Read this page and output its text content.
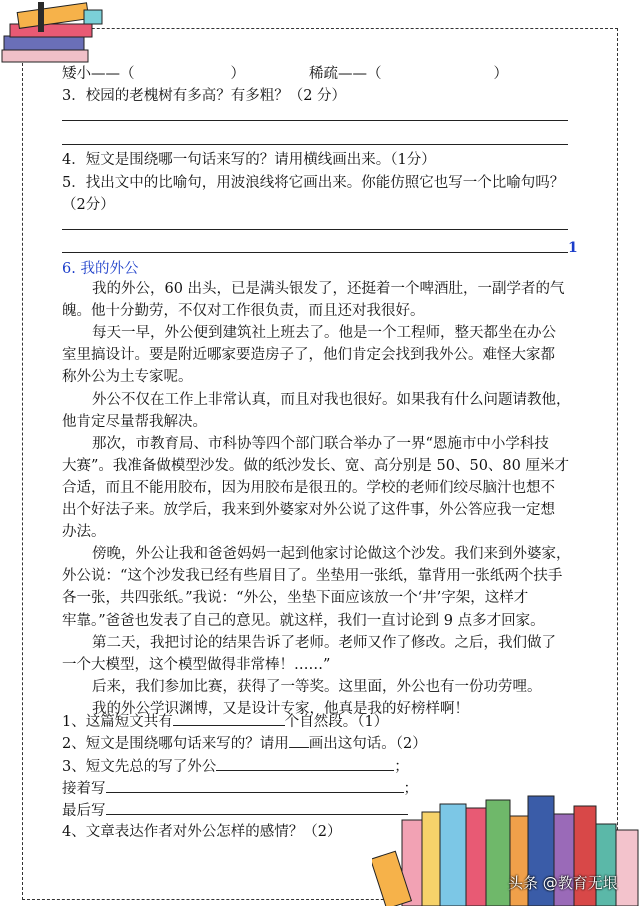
矮小——（	）	稀疏——（	）
3．校园的老槐树有多高？有多粗？（2 分）
4．短文是围绕哪一句话来写的？请用横线画出来。（1分）
5．找出文中的比喻句，用波浪线将它画出来。你能仿照它也写一个比喻句吗？
（2分）
1
6. 我的外公
我的外公，60 出头，已是满头银发了，还挺着一个啤酒肚，一副学者的气
魄。他十分勤劳，不仅对工作很负责，而且还对我很好。
每天一早，外公便到建筑社上班去了。他是一个工程师，整天都坐在办公
室里搞设计。要是附近哪家要造房子了，他们肯定会找到我外公。难怪大家都
称外公为土专家呢。
外公不仅在工作上非常认真，而且对我也很好。如果我有什么问题请教他，
他肯定尽量帮我解决。
那次，市教育局、市科协等四个部门联合举办了一界“恩施市中小学科技
大赛”。我准备做模型沙发。做的纸沙发长、宽、高分别是 50、50、80 厘米才
合适，而且不能用胶布，因为用胶布是很丑的。学校的老师们绞尽脑汁也想不
出个好法子来。放学后，我来到外婆家对外公说了这件事，外公答应我一定想
办法。
傍晚，外公让我和爸爸妈妈一起到他家讨论做这个沙发。我们来到外婆家，
外公说：“这个沙发我已经有些眉目了。坐垫用一张纸，靠背用一张纸两个扶手
各一张，共四张纸。”我说：“外公，坐垫下面应该放一个‘井’字架，这样才
牢靠。”爸爸也发表了自己的意见。就这样，我们一直讨论到 9 点多才回家。
第二天，我把讨论的结果告诉了老师。老师又作了修改。之后，我们做了
一个大模型，这个模型做得非常棒！……”
后来，我们参加比赛，获得了一等奖。这里面，外公也有一份功劳哩。
我的外公学识渊博，又是设计专家，他真是我的好榜样啊！
1、这篇短文共有	个自然段。（1）
2、短文是围绕哪句话来写的？请用 画出这句话。（2）
3、短文先总的写了外公	；
接着写	；
最后写
4、文章表达作者对外公怎样的感情？（2）
头条 @教育无垠
